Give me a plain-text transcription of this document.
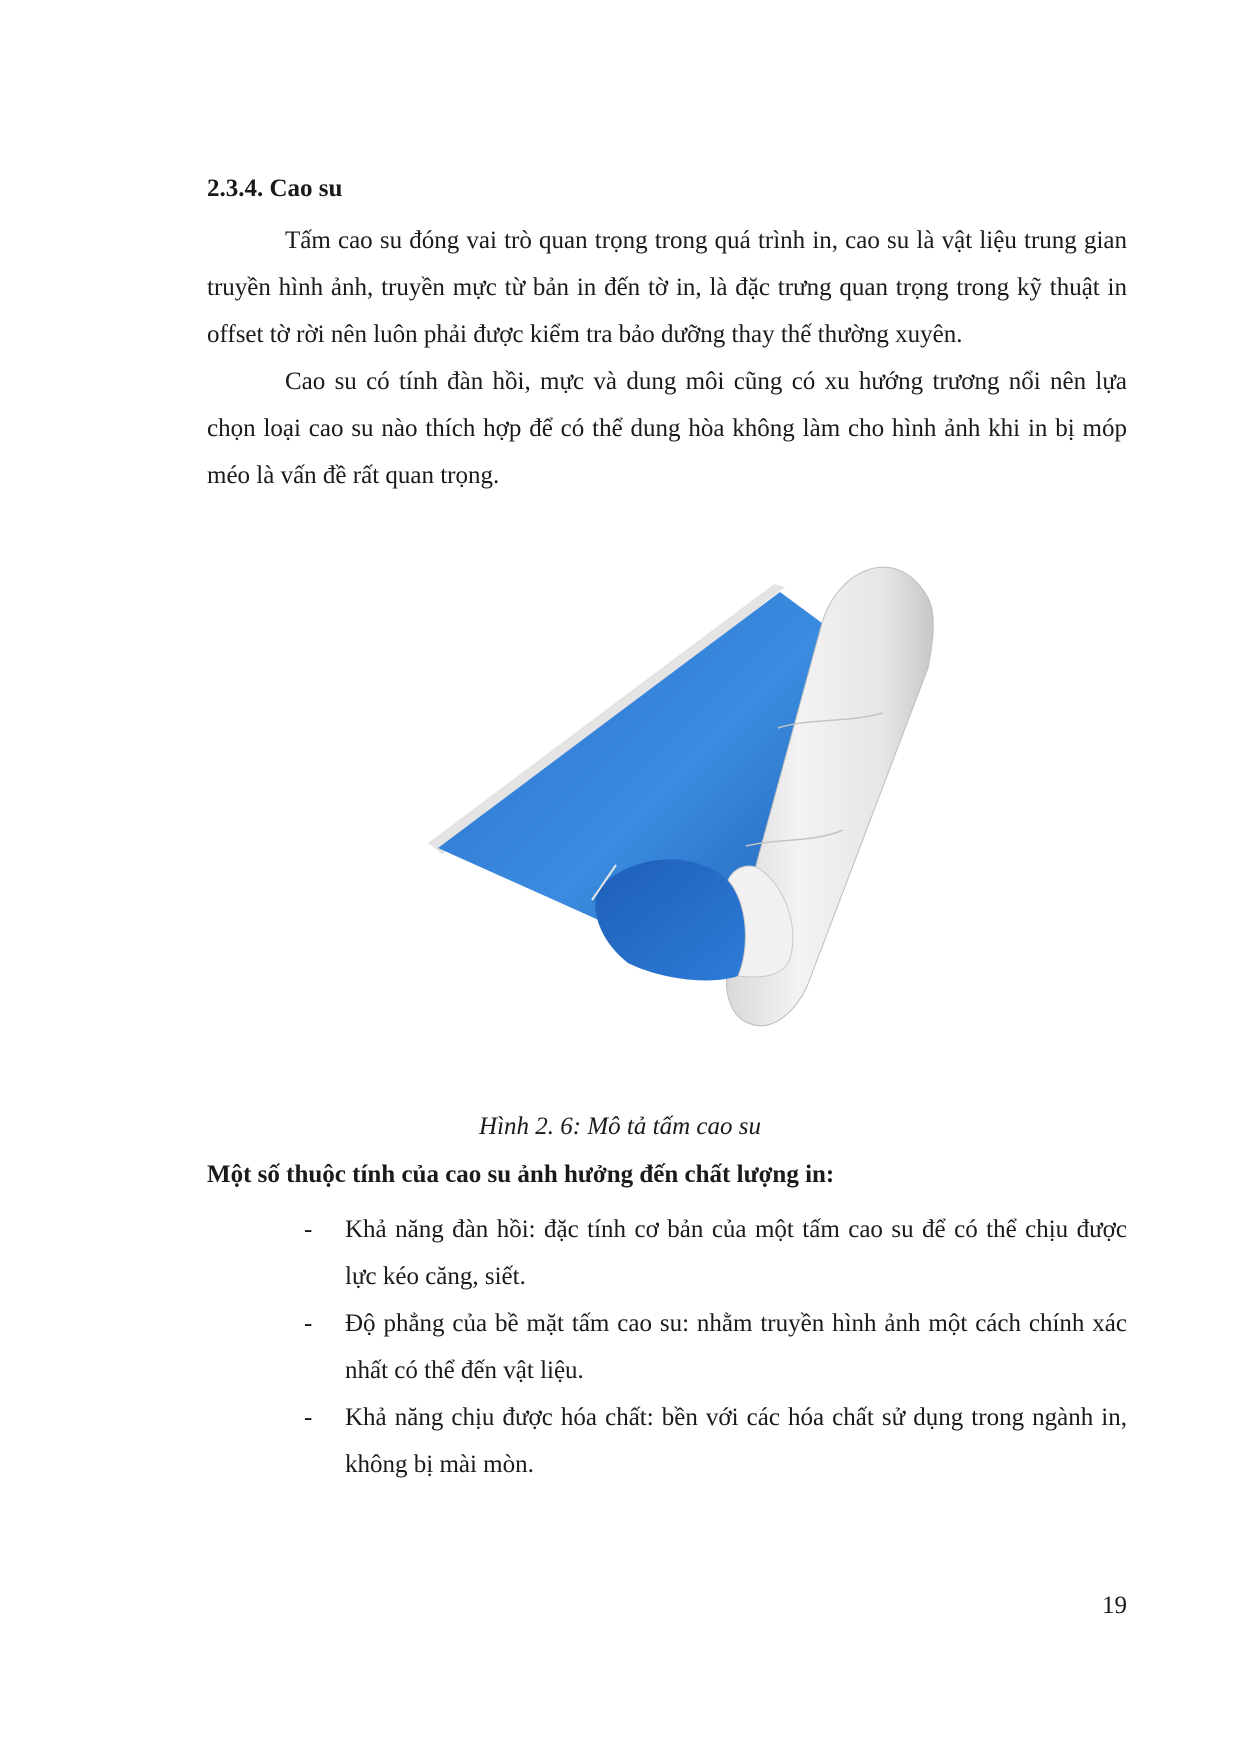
2.3.4. Cao su

Tấm cao su đóng vai trò quan trọng trong quá trình in, cao su là vật liệu trung gian truyền hình ảnh, truyền mực từ bản in đến tờ in, là đặc trưng quan trọng trong kỹ thuật in offset tờ rời nên luôn phải được kiểm tra bảo dưỡng thay thế thường xuyên.

Cao su có tính đàn hồi, mực và dung môi cũng có xu hướng trương nổi nên lựa chọn loại cao su nào thích hợp để có thể dung hòa không làm cho hình ảnh khi in bị móp méo là vấn đề rất quan trọng.

Hình 2. 6: Mô tả tấm cao su

Một số thuộc tính của cao su ảnh hưởng đến chất lượng in:
- Khả năng đàn hồi: đặc tính cơ bản của một tấm cao su để có thể chịu được lực kéo căng, siết.
- Độ phẳng của bề mặt tấm cao su: nhằm truyền hình ảnh một cách chính xác nhất có thể đến vật liệu.
- Khả năng chịu được hóa chất: bền với các hóa chất sử dụng trong ngành in, không bị mài mòn.

19
